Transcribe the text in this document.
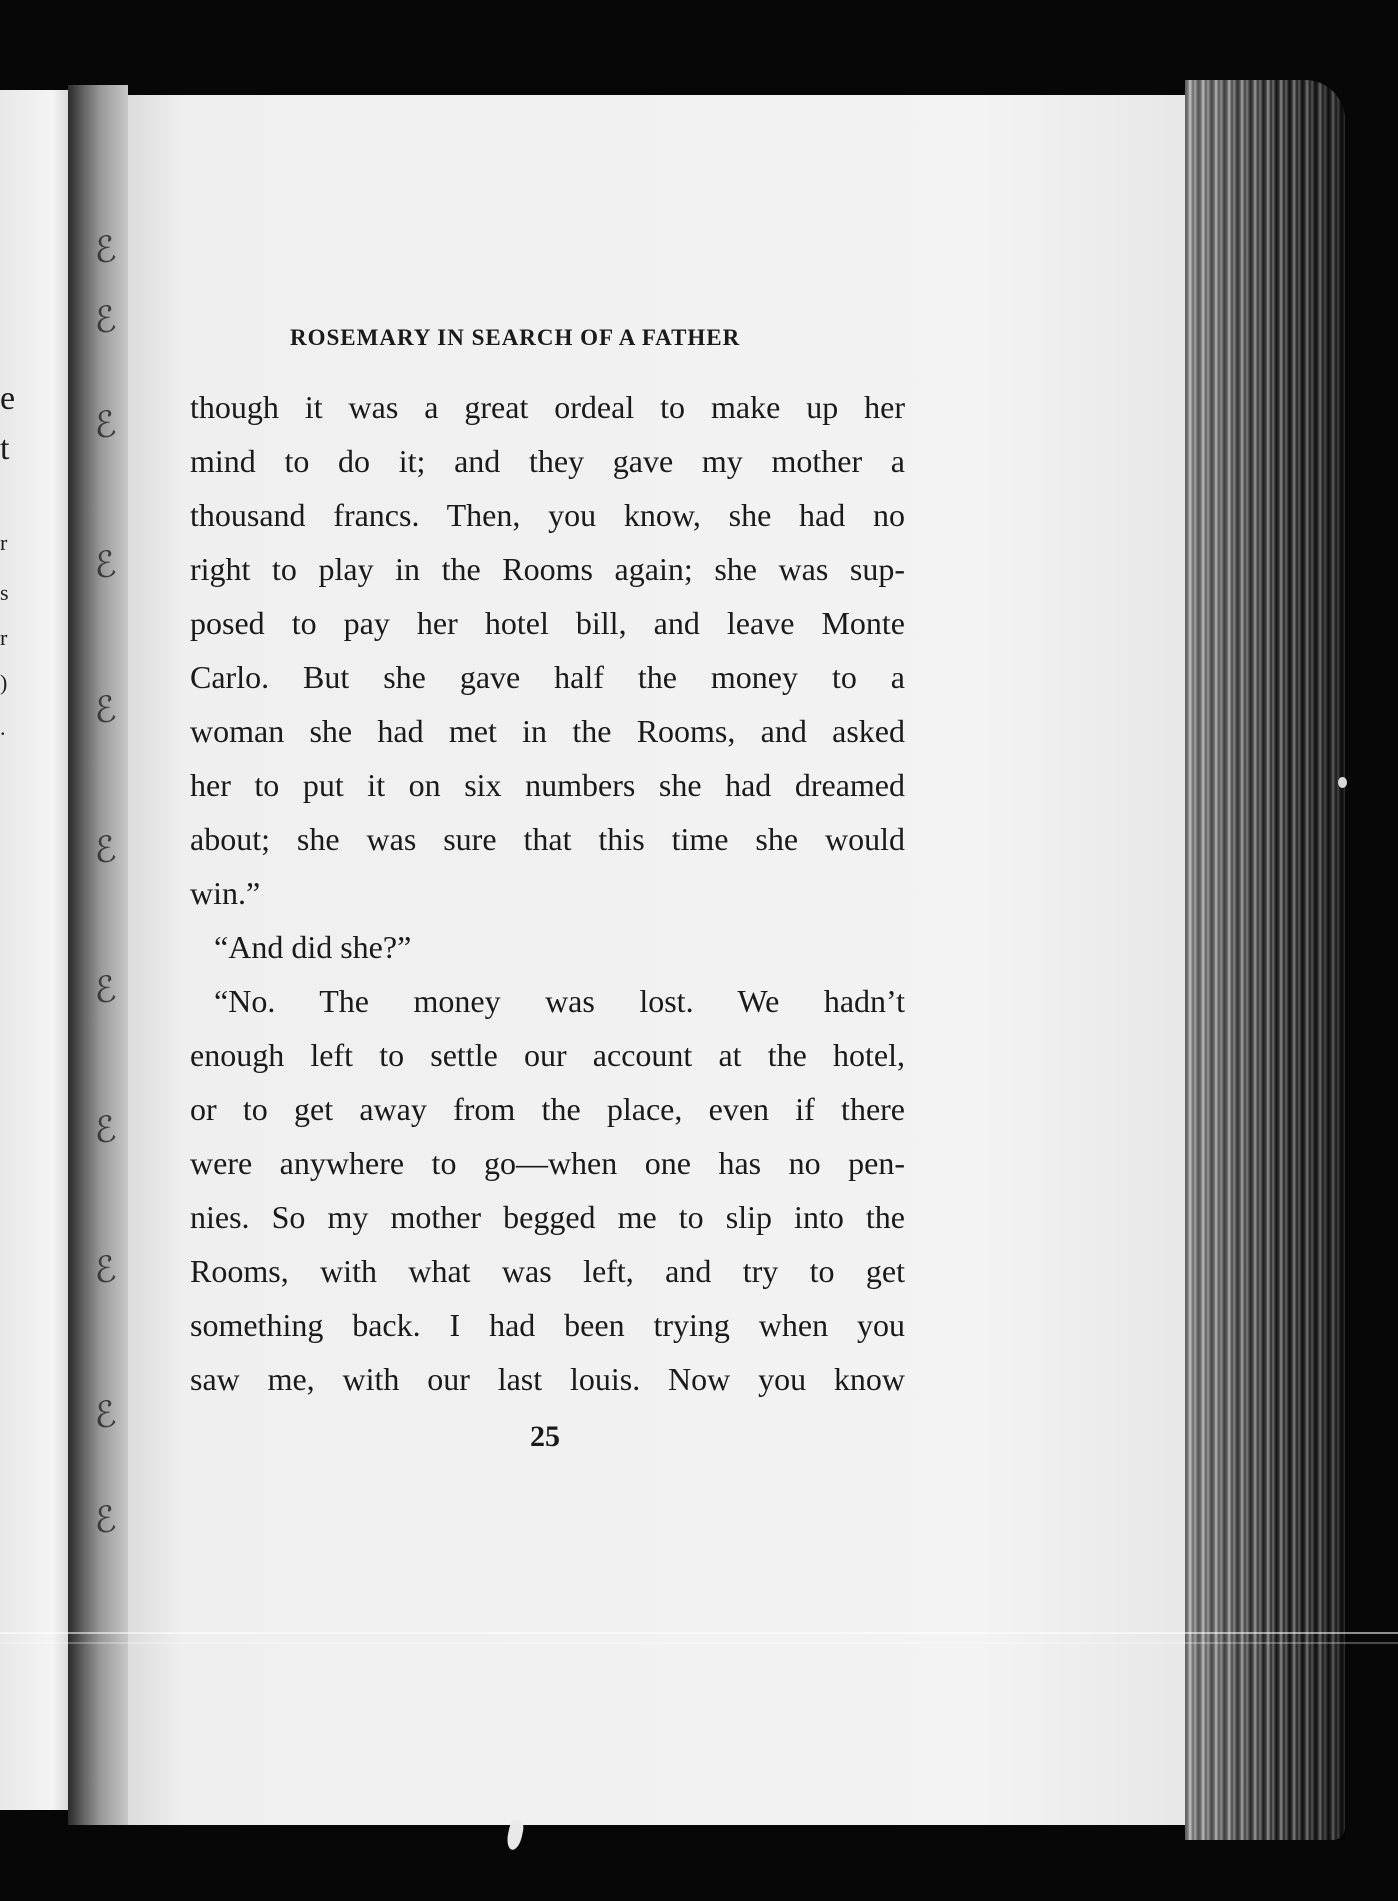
e
t
r
s
r
)
.
ℰ
ℰ
ℰ
ℰ
ℰ
ℰ
ℰ
ℰ
ℰ
ℰ
ℰ
ROSEMARY IN SEARCH OF A FATHER
though it was a great ordeal to make up her
mind to do it; and they gave my mother a
thousand francs. Then, you know, she had no
right to play in the Rooms again; she was sup-
posed to pay her hotel bill, and leave Monte
Carlo. But she gave half the money to a
woman she had met in the Rooms, and asked
her to put it on six numbers she had dreamed
about; she was sure that this time she would
win.”
“And did she?”
“No. The money was lost. We hadn’t
enough left to settle our account at the hotel,
or to get away from the place, even if there
were anywhere to go—when one has no pen-
nies. So my mother begged me to slip into the
Rooms, with what was left, and try to get
something back. I had been trying when you
saw me, with our last louis. Now you know
25
